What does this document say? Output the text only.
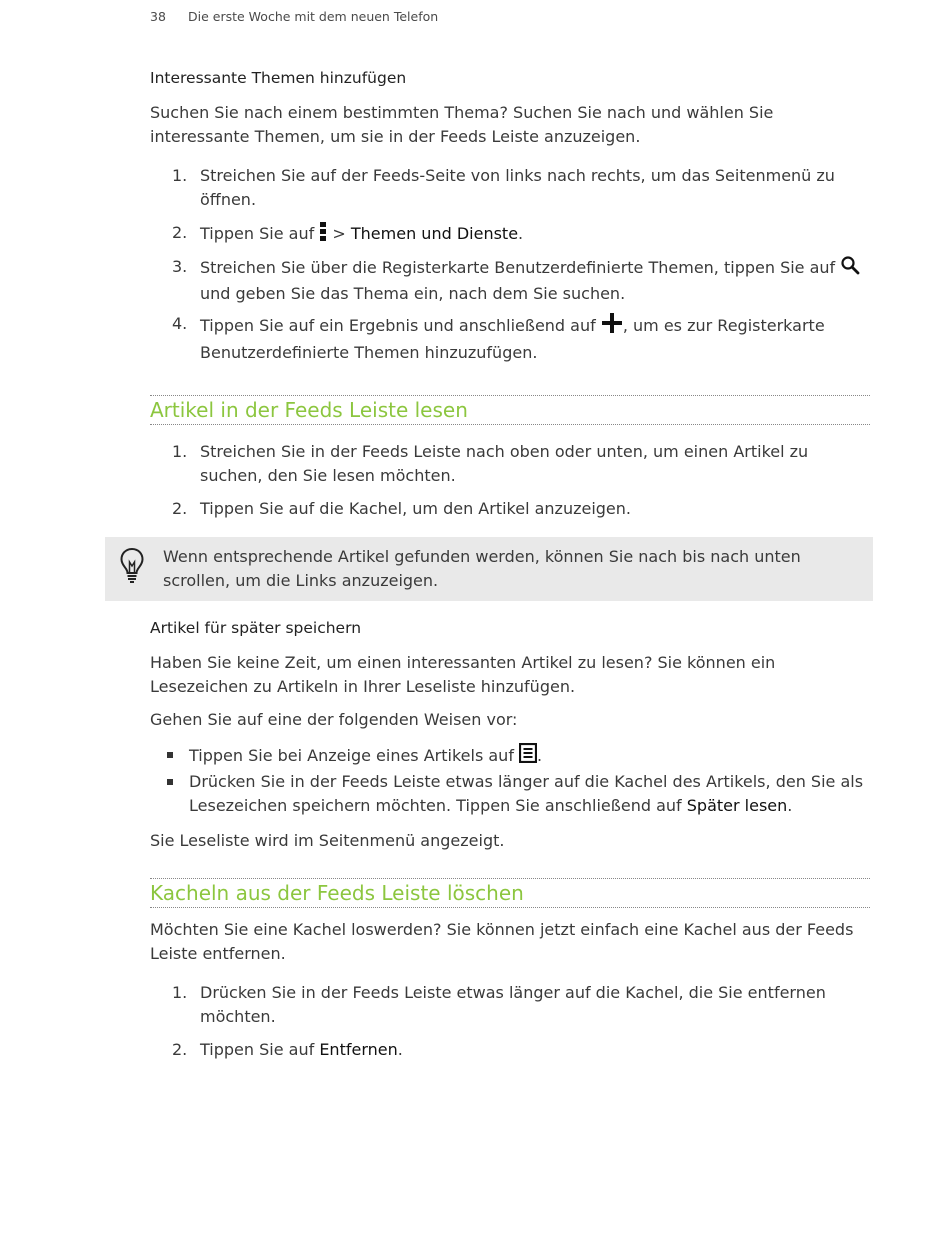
38 Die erste Woche mit dem neuen Telefon
Interessante Themen hinzufügen
Suchen Sie nach einem bestimmten Thema? Suchen Sie nach und wählen Sie interessante Themen, um sie in der Feeds Leiste anzuzeigen.
1. Streichen Sie auf der Feeds-Seite von links nach rechts, um das Seitenmenü zu öffnen.
2. Tippen Sie auf  > Themen und Dienste.
3. Streichen Sie über die Registerkarte Benutzerdefinierte Themen, tippen Sie auf  und geben Sie das Thema ein, nach dem Sie suchen.
4. Tippen Sie auf ein Ergebnis und anschließend auf , um es zur Registerkarte Benutzerdefinierte Themen hinzuzufügen.
Artikel in der Feeds Leiste lesen
1. Streichen Sie in der Feeds Leiste nach oben oder unten, um einen Artikel zu suchen, den Sie lesen möchten.
2. Tippen Sie auf die Kachel, um den Artikel anzuzeigen.
Wenn entsprechende Artikel gefunden werden, können Sie nach bis nach unten scrollen, um die Links anzuzeigen.
Artikel für später speichern
Haben Sie keine Zeit, um einen interessanten Artikel zu lesen? Sie können ein Lesezeichen zu Artikeln in Ihrer Leseliste hinzufügen.
Gehen Sie auf eine der folgenden Weisen vor:
Tippen Sie bei Anzeige eines Artikels auf .
Drücken Sie in der Feeds Leiste etwas länger auf die Kachel des Artikels, den Sie als Lesezeichen speichern möchten. Tippen Sie anschließend auf Später lesen.
Sie Leseliste wird im Seitenmenü angezeigt.
Kacheln aus der Feeds Leiste löschen
Möchten Sie eine Kachel loswerden? Sie können jetzt einfach eine Kachel aus der Feeds Leiste entfernen.
1. Drücken Sie in der Feeds Leiste etwas länger auf die Kachel, die Sie entfernen möchten.
2. Tippen Sie auf Entfernen.
